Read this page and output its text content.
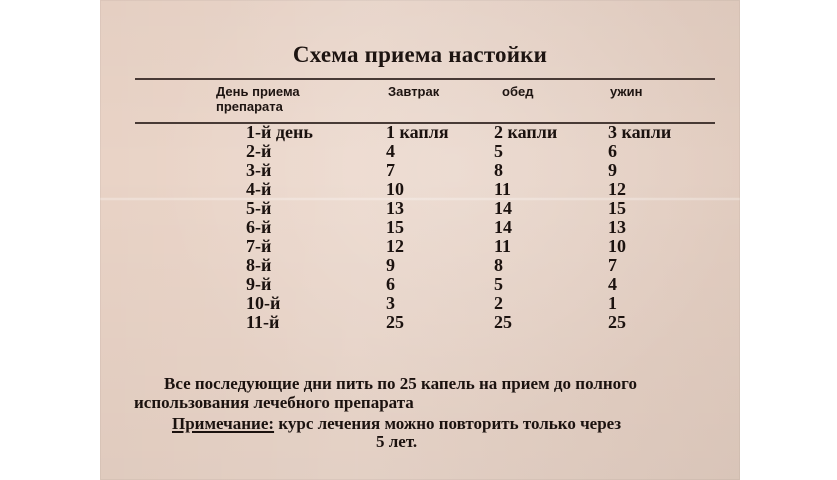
Схема приема настойки
День приема
препарата
Завтрак	обед	ужин
1-й день	1 капля	2 капли	3 капли
2-й	4	5	6
3-й	7	8	9
4-й	10	11	12
5-й	13	14	15
6-й	15	14	13
7-й	12	11	10
8-й	9	8	7
9-й	6	5	4
10-й	3	2	1
11-й	25	25	25
Все последующие дни пить по 25 капель на прием до полного
использования лечебного препарата
Примечание: курс лечения можно повторить только через
5 лет.
